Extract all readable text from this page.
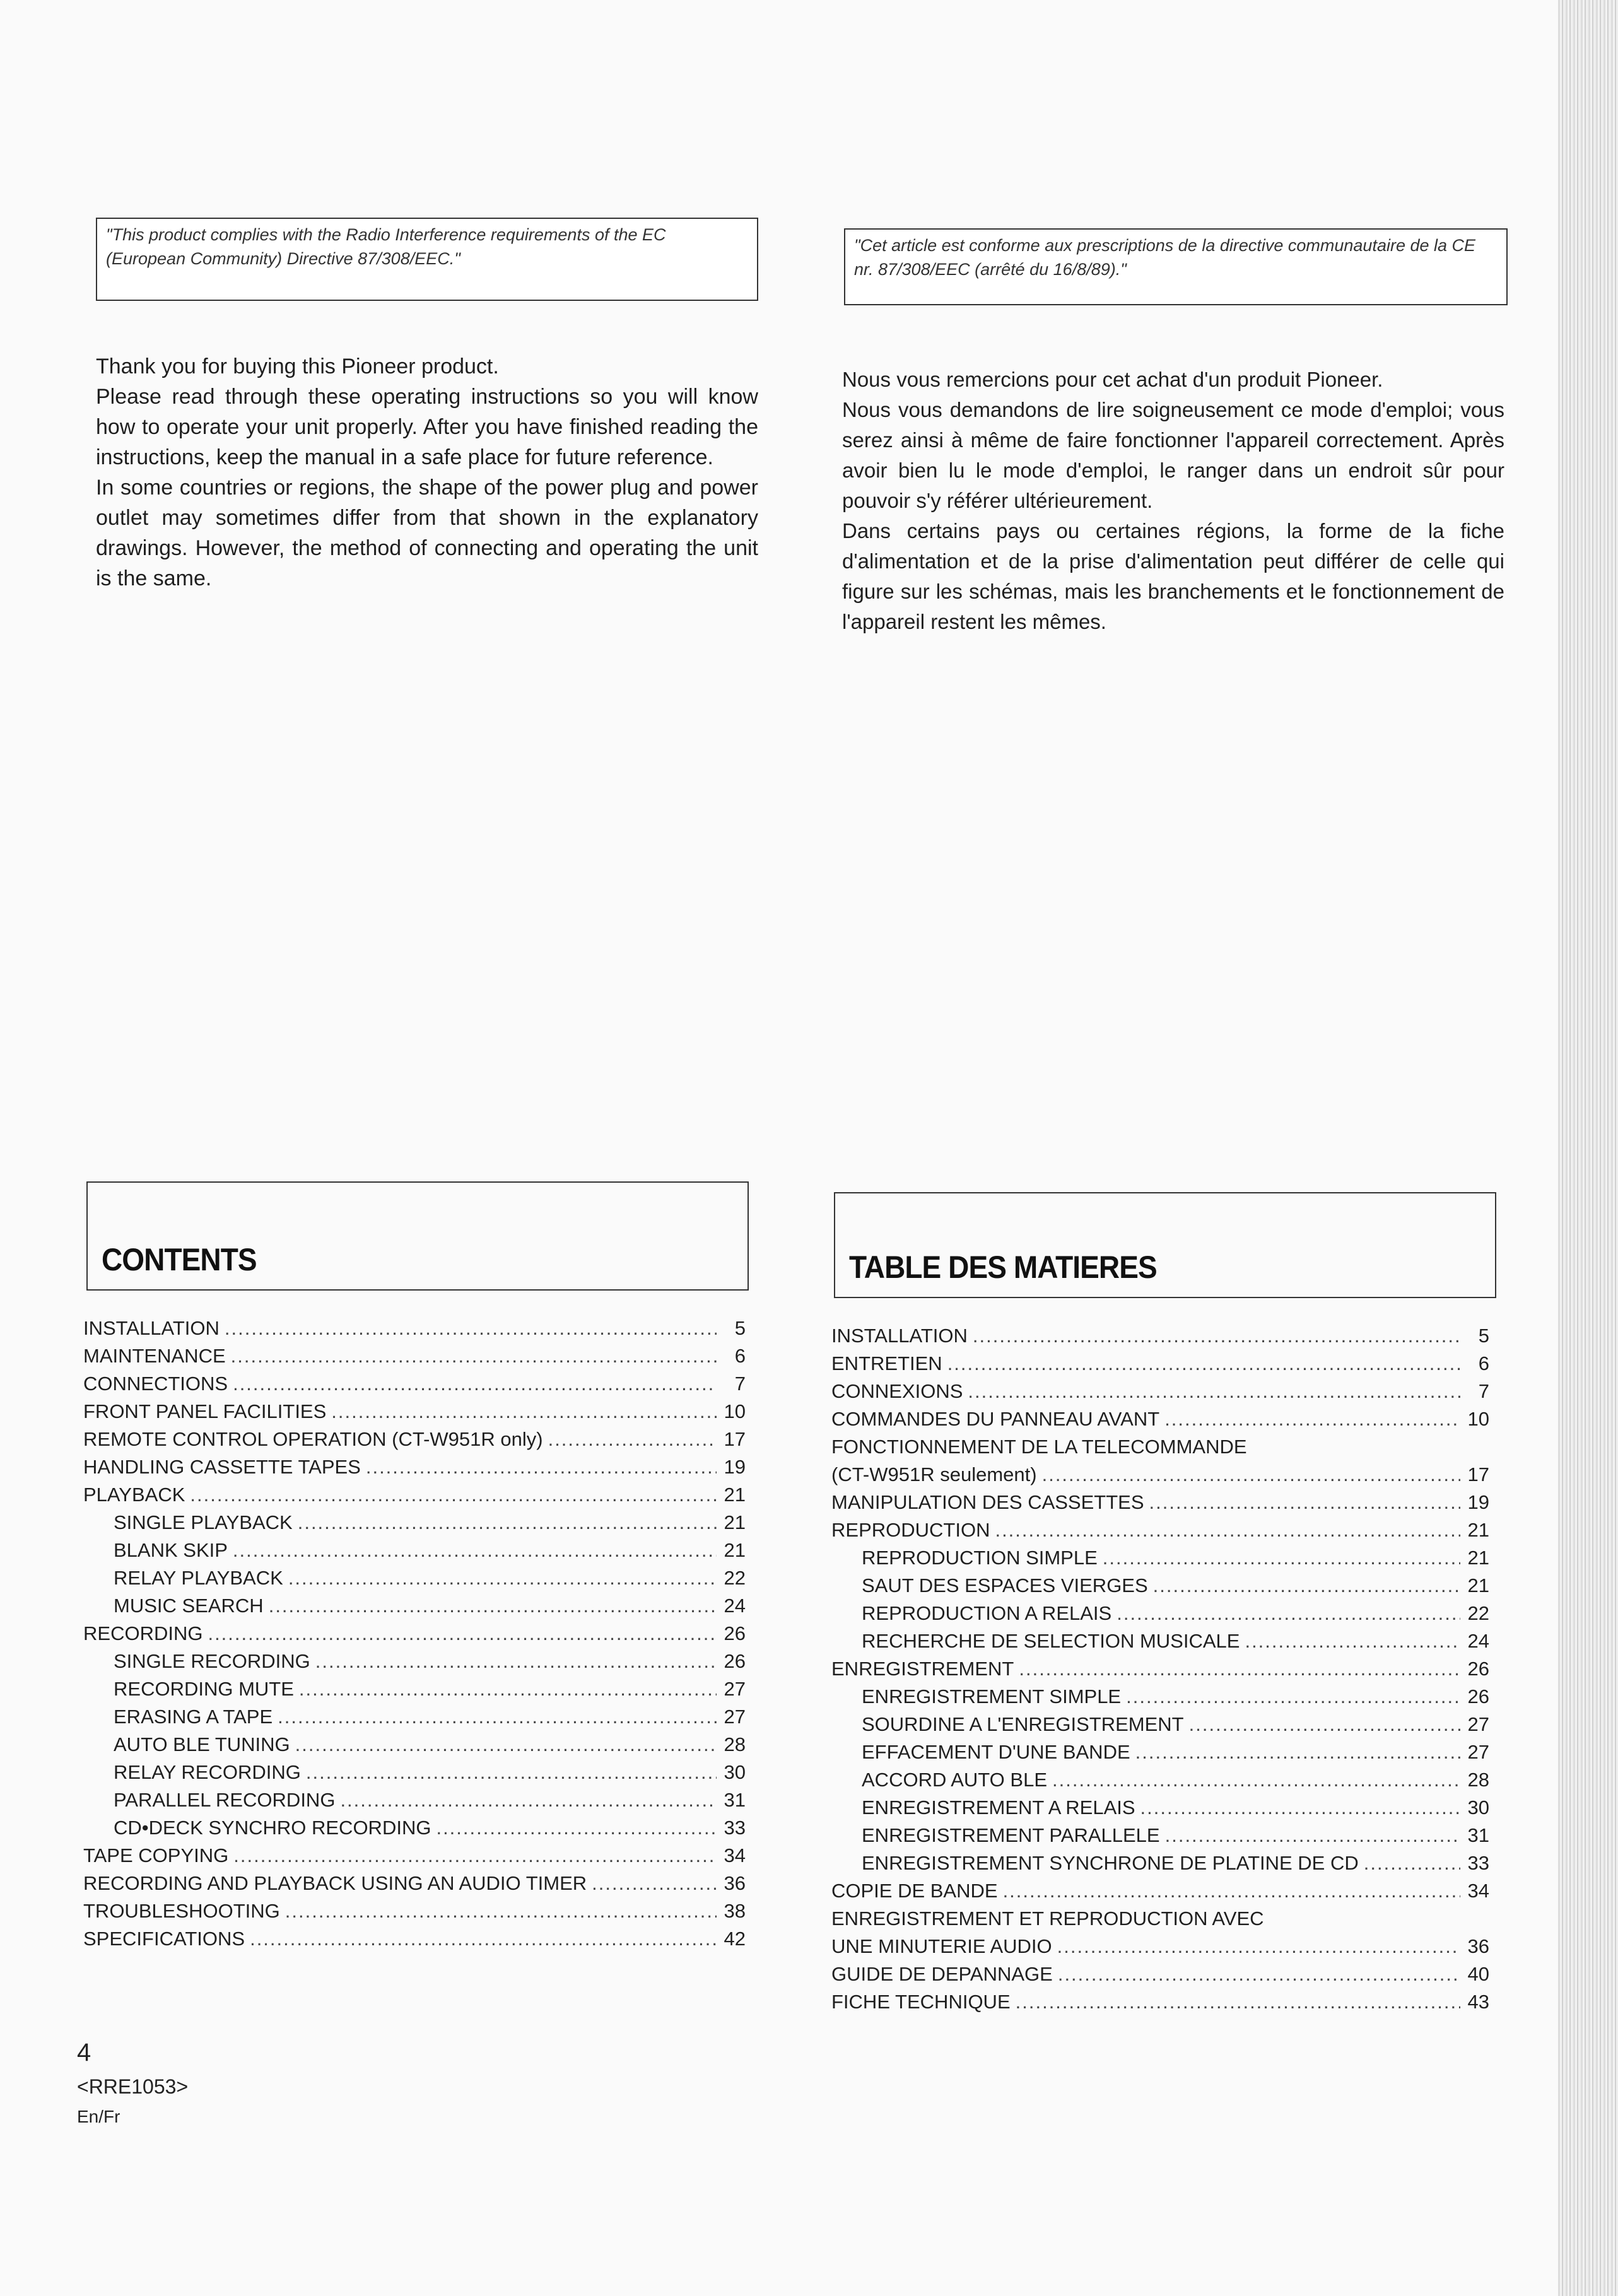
"This product complies with the Radio Interference requirements of the EC (European Community) Directive 87/308/EEC."
"Cet article est conforme aux prescriptions de la directive communautaire de la CE nr. 87/308/EEC (arrêté du 16/8/89)."

Thank you for buying this Pioneer product.

Please read through these operating instructions so you will know how to operate your unit properly. After you have finished reading the instructions, keep the manual in a safe place for future reference.

In some countries or regions, the shape of the power plug and power outlet may sometimes differ from that shown in the explanatory drawings. However, the method of connecting and operating the unit is the same.

Nous vous remercions pour cet achat d'un produit Pioneer.

Nous vous demandons de lire soigneusement ce mode d'emploi; vous serez ainsi à même de faire fonctionner l'appareil correctement. Après avoir bien lu le mode d'emploi, le ranger dans un endroit sûr pour pouvoir s'y référer ultérieurement.

Dans certains pays ou certaines régions, la forme de la fiche d'alimentation et de la prise d'alimentation peut différer de celle qui figure sur les schémas, mais les branchements et le fonctionnement de l'appareil restent les mêmes.

CONTENTS	TABLE DES MATIERES
INSTALLATION .....	5
MAINTENANCE .....	6
CONNECTIONS .....	7
FRONT PANEL FACILITIES .....	10
REMOTE CONTROL OPERATION (CT-W951R only) .....	17
HANDLING CASSETTE TAPES .....	19
PLAYBACK .....	21
SINGLE PLAYBACK .....	21
BLANK SKIP .....	21
RELAY PLAYBACK .....	22
MUSIC SEARCH .....	24
RECORDING .....	26
SINGLE RECORDING .....	26
RECORDING MUTE .....	27
ERASING A TAPE .....	27
AUTO BLE TUNING .....	28
RELAY RECORDING .....	30
PARALLEL RECORDING .....	31
CD•DECK SYNCHRO RECORDING .....	33
TAPE COPYING .....	34
RECORDING AND PLAYBACK USING AN AUDIO TIMER .....	36
TROUBLESHOOTING .....	38
SPECIFICATIONS .....	42
INSTALLATION .....	5
ENTRETIEN .....	6
CONNEXIONS .....	7
COMMANDES DU PANNEAU AVANT .....	10
FONCTIONNEMENT DE LA TELECOMMANDE
(CT-W951R seulement) .....	17
MANIPULATION DES CASSETTES .....	19
REPRODUCTION .....	21
REPRODUCTION SIMPLE .....	21
SAUT DES ESPACES VIERGES .....	21
REPRODUCTION A RELAIS .....	22
RECHERCHE DE SELECTION MUSICALE .....	24
ENREGISTREMENT .....	26
ENREGISTREMENT SIMPLE .....	26
SOURDINE A L'ENREGISTREMENT .....	27
EFFACEMENT D'UNE BANDE .....	27
ACCORD AUTO BLE .....	28
ENREGISTREMENT A RELAIS .....	30
ENREGISTREMENT PARALLELE .....	31
ENREGISTREMENT SYNCHRONE DE PLATINE DE CD .....	33
COPIE DE BANDE .....	34
ENREGISTREMENT ET REPRODUCTION AVEC
UNE MINUTERIE AUDIO .....	36
GUIDE DE DEPANNAGE .....	40
FICHE TECHNIQUE .....	43
4
<RRE1053>
En/Fr
